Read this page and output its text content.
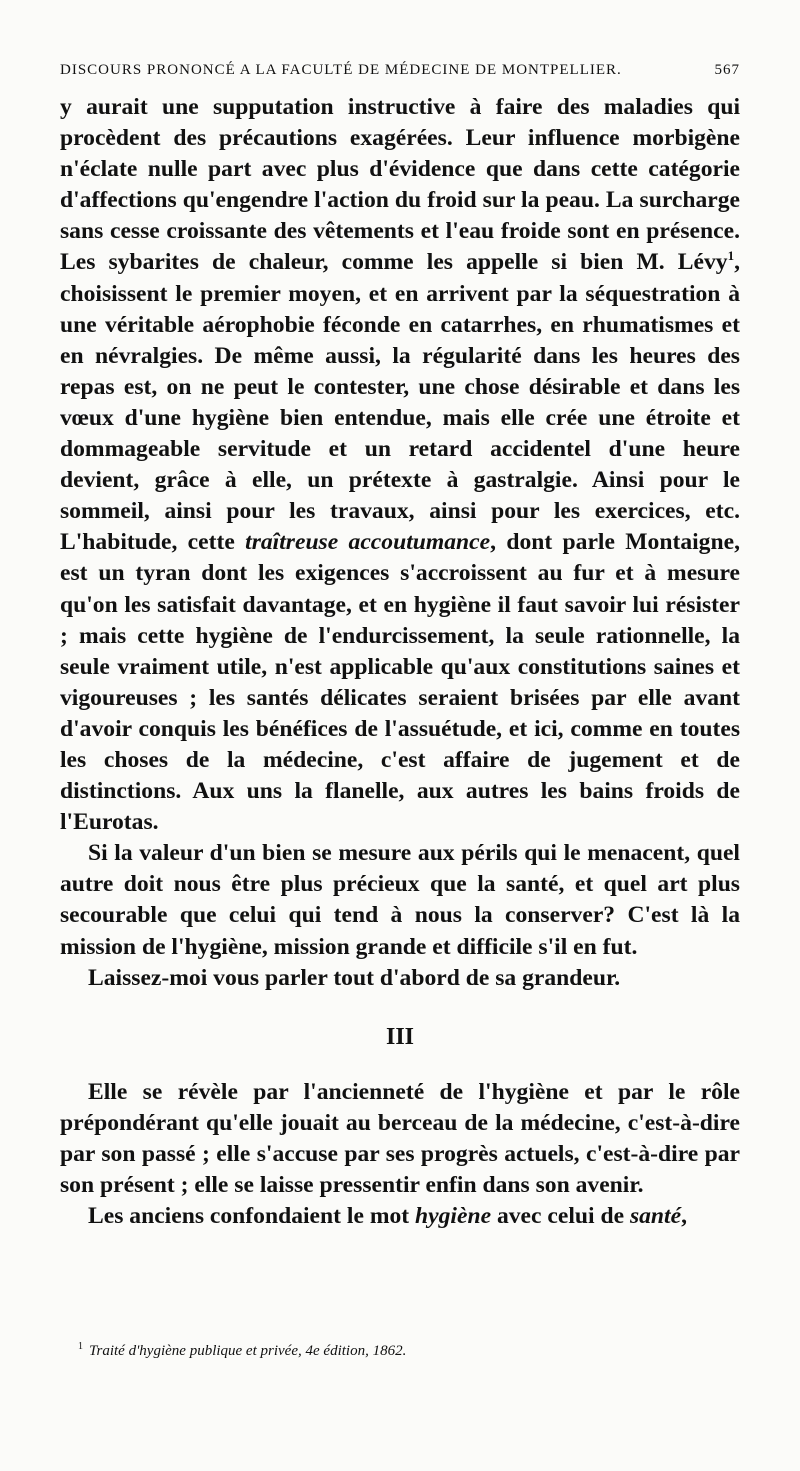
DISCOURS PRONONCÉ A LA FACULTÉ DE MÉDECINE DE MONTPELLIER.	567

y aurait une supputation instructive à faire des maladies qui procèdent des précautions exagérées. Leur influence morbigène n'éclate nulle part avec plus d'évidence que dans cette catégorie d'affections qu'engendre l'action du froid sur la peau. La surcharge sans cesse croissante des vêtements et l'eau froide sont en présence. Les sybarites de chaleur, comme les appelle si bien M. Lévy$^1$, choisissent le premier moyen, et en arrivent par la séquestration à une véritable aérophobie féconde en catarrhes, en rhumatismes et en névralgies. De même aussi, la régularité dans les heures des repas est, on ne peut le contester, une chose désirable et dans les vœux d'une hygiène bien entendue, mais elle crée une étroite et dommageable servitude et un retard accidentel d'une heure devient, grâce à elle, un prétexte à gastralgie. Ainsi pour le sommeil, ainsi pour les travaux, ainsi pour les exercices, etc. L'habitude, cette traîtreuse accoutumance, dont parle Montaigne, est un tyran dont les exigences s'accroissent au fur et à mesure qu'on les satisfait davantage, et en hygiène il faut savoir lui résister ; mais cette hygiène de l'endurcissement, la seule rationnelle, la seule vraiment utile, n'est applicable qu'aux constitutions saines et vigoureuses ; les santés délicates seraient brisées par elle avant d'avoir conquis les bénéfices de l'assuétude, et ici, comme en toutes les choses de la médecine, c'est affaire de jugement et de distinctions. Aux uns la flanelle, aux autres les bains froids de l'Eurotas.

Si la valeur d'un bien se mesure aux périls qui le menacent, quel autre doit nous être plus précieux que la santé, et quel art plus secourable que celui qui tend à nous la conserver? C'est là la mission de l'hygiène, mission grande et difficile s'il en fut.

Laissez-moi vous parler tout d'abord de sa grandeur.

III

Elle se révèle par l'ancienneté de l'hygiène et par le rôle prépondérant qu'elle jouait au berceau de la médecine, c'est-à-dire par son passé ; elle s'accuse par ses progrès actuels, c'est-à-dire par son présent ; elle se laisse pressentir enfin dans son avenir.

Les anciens confondaient le mot hygiène avec celui de santé,

$^1$ Traité d'hygiène publique et privée, 4e édition, 1862.
